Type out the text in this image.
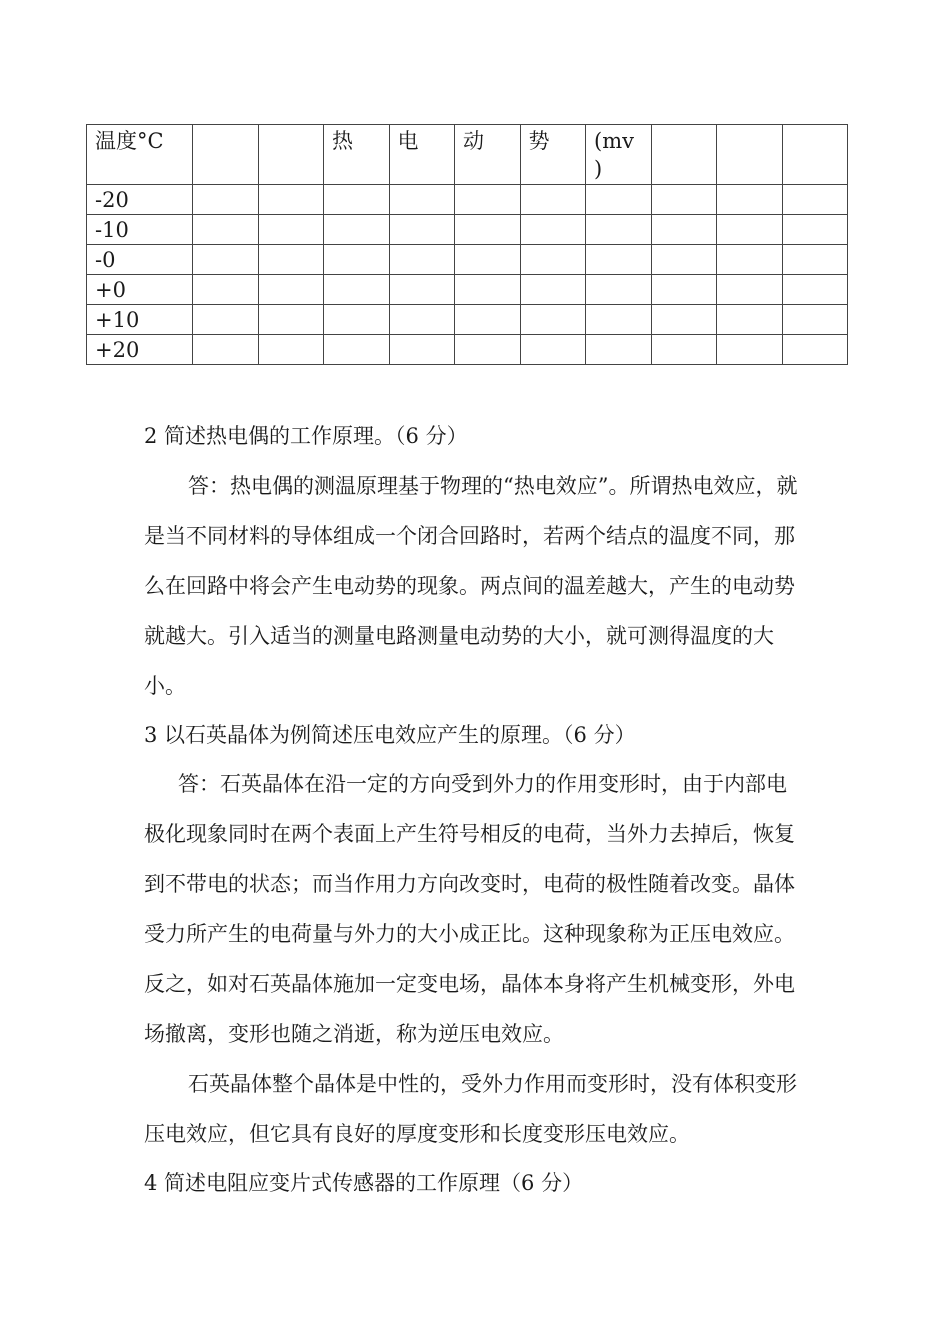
温度°C			热	电	动	势	(mv
)			
-20										
-10										
-0										
+0										
+10										
+20										
2 简述热电偶的工作原理。（6 分）

答：热电偶的测温原理基于物理的“热电效应”。所谓热电效应，就是当不同材料的导体组成一个闭合回路时，若两个结点的温度不同，那么在回路中将会产生电动势的现象。两点间的温差越大，产生的电动势就越大。引入适当的测量电路测量电动势的大小，就可测得温度的大小。

3 以石英晶体为例简述压电效应产生的原理。（6 分）

答：石英晶体在沿一定的方向受到外力的作用变形时，由于内部电极化现象同时在两个表面上产生符号相反的电荷，当外力去掉后，恢复到不带电的状态；而当作用力方向改变时，电荷的极性随着改变。晶体受力所产生的电荷量与外力的大小成正比。这种现象称为正压电效应。反之，如对石英晶体施加一定变电场，晶体本身将产生机械变形，外电场撤离，变形也随之消逝，称为逆压电效应。

石英晶体整个晶体是中性的，受外力作用而变形时，没有体积变形压电效应，但它具有良好的厚度变形和长度变形压电效应。

4 简述电阻应变片式传感器的工作原理（6 分）
